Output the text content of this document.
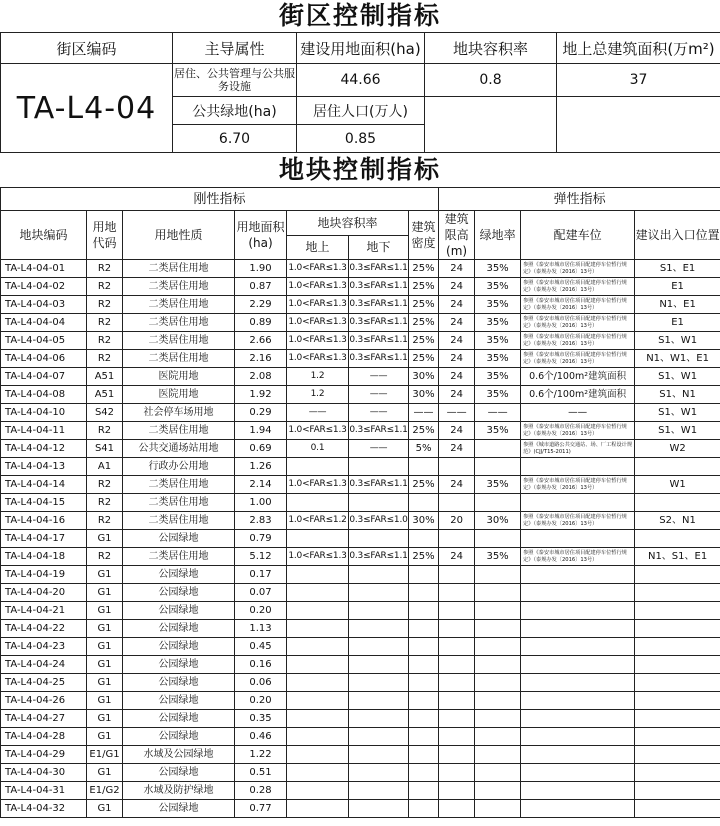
街区控制指标
街区编码	主导属性	建设用地面积(ha)	地块容积率	地上总建筑面积(万m²)
TA-L4-04	居住、公共管理与公共服务设施	44.66	0.8	37
	公共绿地(ha)	居住人口(万人)		
	6.70	0.85		
地块控制指标
刚性指标							弹性指标			
地块编码	用地代码	用地性质	用地面积(ha)	地块容积率		建筑密度	建筑限高(m)	绿地率	配建车位	建议出入口位置
				地上	地下					
TA-L4-04-01	R2	二类居住用地	1.90	1.0<FAR≤1.3	0.3≤FAR≤1.1	25%	24	35%	参照《泰安市城市居住项目配建停车位暂行规定》（泰规办发〔2016〕13号）	S1、E1
TA-L4-04-02	R2	二类居住用地	0.87	1.0<FAR≤1.3	0.3≤FAR≤1.1	25%	24	35%	参照《泰安市城市居住项目配建停车位暂行规定》（泰规办发〔2016〕13号）	E1
TA-L4-04-03	R2	二类居住用地	2.29	1.0<FAR≤1.3	0.3≤FAR≤1.1	25%	24	35%	参照《泰安市城市居住项目配建停车位暂行规定》（泰规办发〔2016〕13号）	N1、E1
TA-L4-04-04	R2	二类居住用地	0.89	1.0<FAR≤1.3	0.3≤FAR≤1.1	25%	24	35%	参照《泰安市城市居住项目配建停车位暂行规定》（泰规办发〔2016〕13号）	E1
TA-L4-04-05	R2	二类居住用地	2.66	1.0<FAR≤1.3	0.3≤FAR≤1.1	25%	24	35%	参照《泰安市城市居住项目配建停车位暂行规定》（泰规办发〔2016〕13号）	S1、W1
TA-L4-04-06	R2	二类居住用地	2.16	1.0<FAR≤1.3	0.3≤FAR≤1.1	25%	24	35%	参照《泰安市城市居住项目配建停车位暂行规定》（泰规办发〔2016〕13号）	N1、W1、E1
TA-L4-04-07	A51	医院用地	2.08	1.2	——	30%	24	35%	0.6个/100m²建筑面积	S1、W1
TA-L4-04-08	A51	医院用地	1.92	1.2	——	30%	24	35%	0.6个/100m²建筑面积	S1、N1
TA-L4-04-10	S42	社会停车场用地	0.29	——	——	——	——	——	——	S1、W1
TA-L4-04-11	R2	二类居住用地	1.94	1.0<FAR≤1.3	0.3≤FAR≤1.1	25%	24	35%	参照《泰安市城市居住项目配建停车位暂行规定》（泰规办发〔2016〕13号）	S1、W1
TA-L4-04-12	S41	公共交通场站用地	0.69	0.1	——	5%	24		参照《城市道路公共交通站、场、厂工程设计规范》(CJJ/T15-2011)	W2
TA-L4-04-13	A1	行政办公用地	1.26							
TA-L4-04-14	R2	二类居住用地	2.14	1.0<FAR≤1.3	0.3≤FAR≤1.1	25%	24	35%	参照《泰安市城市居住项目配建停车位暂行规定》（泰规办发〔2016〕13号）	W1
TA-L4-04-15	R2	二类居住用地	1.00							
TA-L4-04-16	R2	二类居住用地	2.83	1.0<FAR≤1.2	0.3≤FAR≤1.0	30%	20	30%	参照《泰安市城市居住项目配建停车位暂行规定》（泰规办发〔2016〕13号）	S2、N1
TA-L4-04-17	G1	公园绿地	0.79							
TA-L4-04-18	R2	二类居住用地	5.12	1.0<FAR≤1.3	0.3≤FAR≤1.1	25%	24	35%	参照《泰安市城市居住项目配建停车位暂行规定》（泰规办发〔2016〕13号）	N1、S1、E1
TA-L4-04-19	G1	公园绿地	0.17							
TA-L4-04-20	G1	公园绿地	0.07							
TA-L4-04-21	G1	公园绿地	0.20							
TA-L4-04-22	G1	公园绿地	1.13							
TA-L4-04-23	G1	公园绿地	0.45							
TA-L4-04-24	G1	公园绿地	0.16							
TA-L4-04-25	G1	公园绿地	0.06							
TA-L4-04-26	G1	公园绿地	0.20							
TA-L4-04-27	G1	公园绿地	0.35							
TA-L4-04-28	G1	公园绿地	0.46							
TA-L4-04-29	E1/G1	水域及公园绿地	1.22							
TA-L4-04-30	G1	公园绿地	0.51							
TA-L4-04-31	E1/G2	水域及防护绿地	0.28							
TA-L4-04-32	G1	公园绿地	0.77							
